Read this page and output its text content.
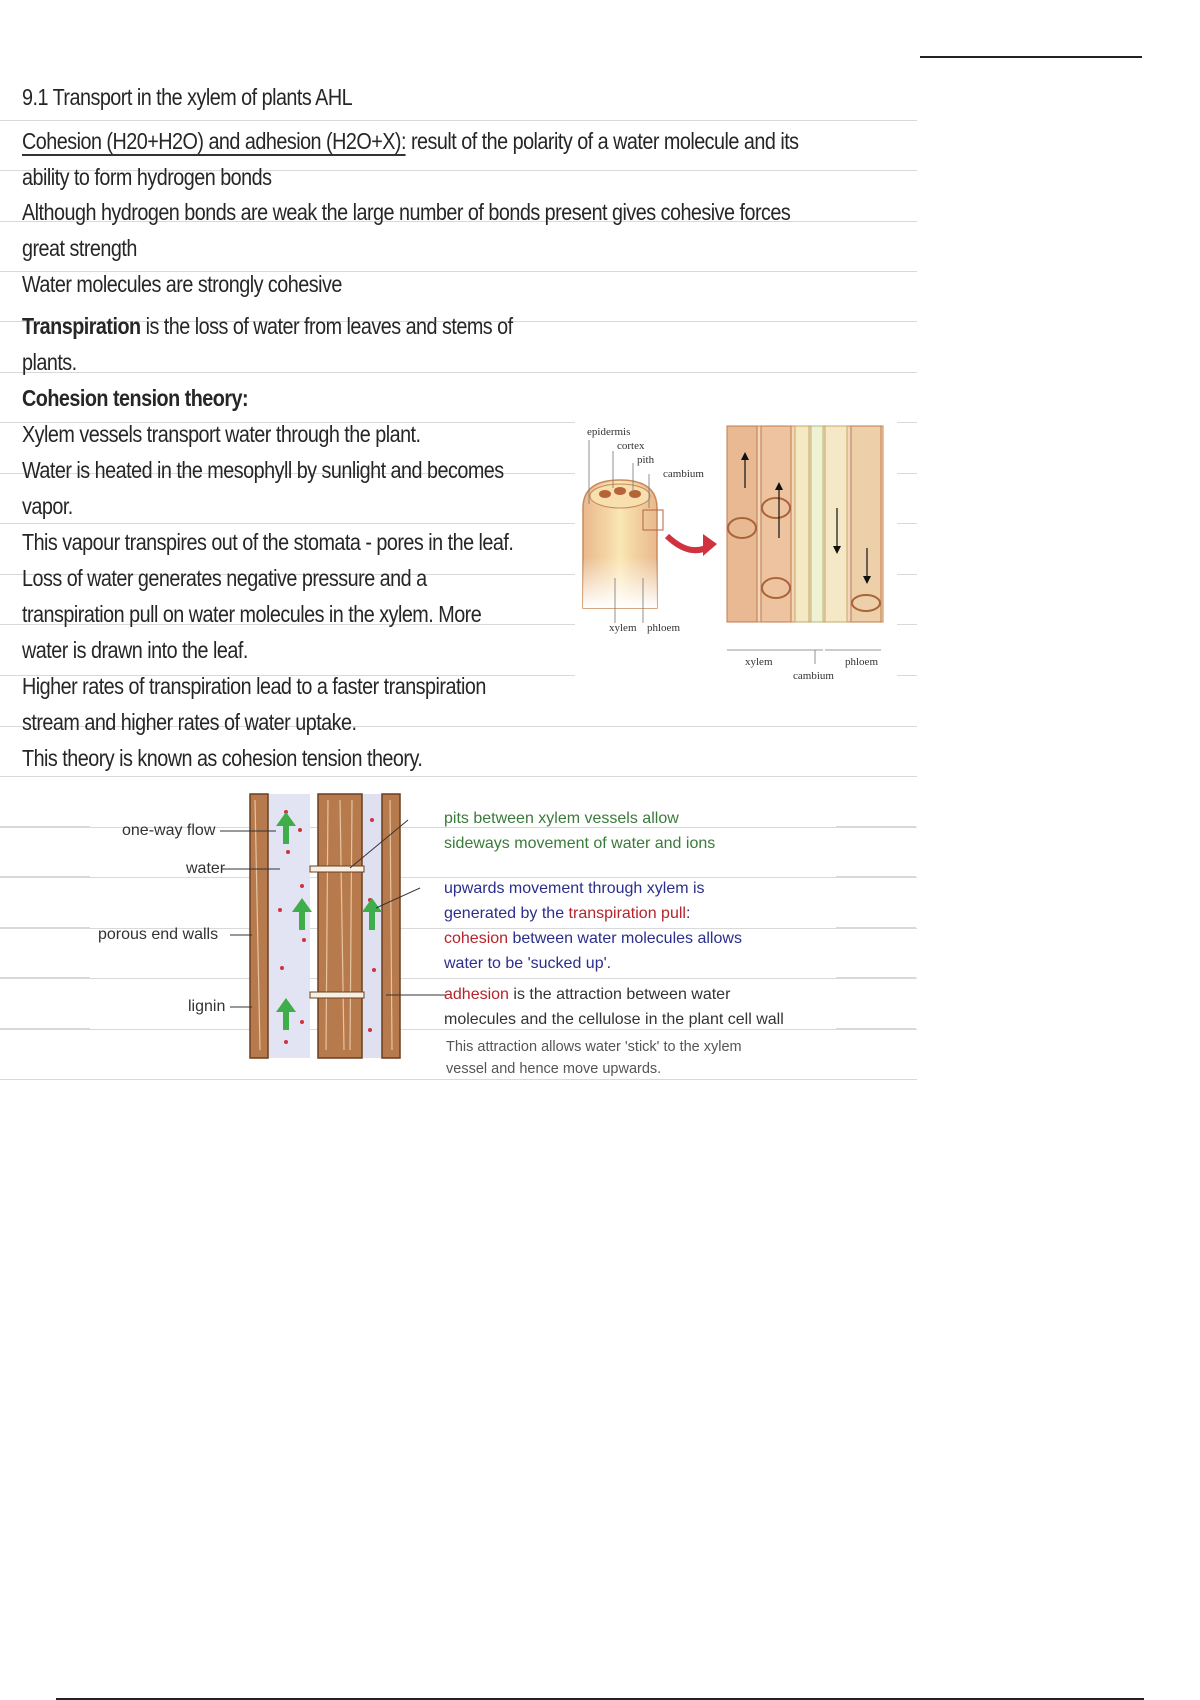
9.1 Transport in the xylem of plants AHL
Cohesion (H20+H2O) and adhesion (H2O+X): result of the polarity of a water molecule and its
ability to form hydrogen bonds
Although hydrogen bonds are weak the large number of bonds present gives cohesive forces
great strength
Water molecules are strongly cohesive
Transpiration is the loss of water from leaves and stems of
plants.
Cohesion tension theory:
Xylem vessels transport water through the plant.
Water is heated in the mesophyll by sunlight and becomes
vapor.
This vapour transpires out of the stomata - pores in the leaf.
Loss of water generates negative pressure and a
transpiration pull on water molecules in the xylem. More
water is drawn into the leaf.
Higher rates of transpiration lead to a faster transpiration
stream and higher rates of water uptake.
This theory is known as cohesion tension theory.
epidermis
cortex
pith
cambium
xylem phloem
xylem
cambium
phloem
one-way flow
water
porous end walls
lignin
pits between xylem vessels allow
sideways movement of water and ions
upwards movement through xylem is
generated by the transpiration pull:
cohesion between water molecules allows
water to be 'sucked up'.
adhesion is the attraction between water
molecules and the cellulose in the plant cell wall
This attraction allows water 'stick' to the xylem
vessel and hence move upwards.
